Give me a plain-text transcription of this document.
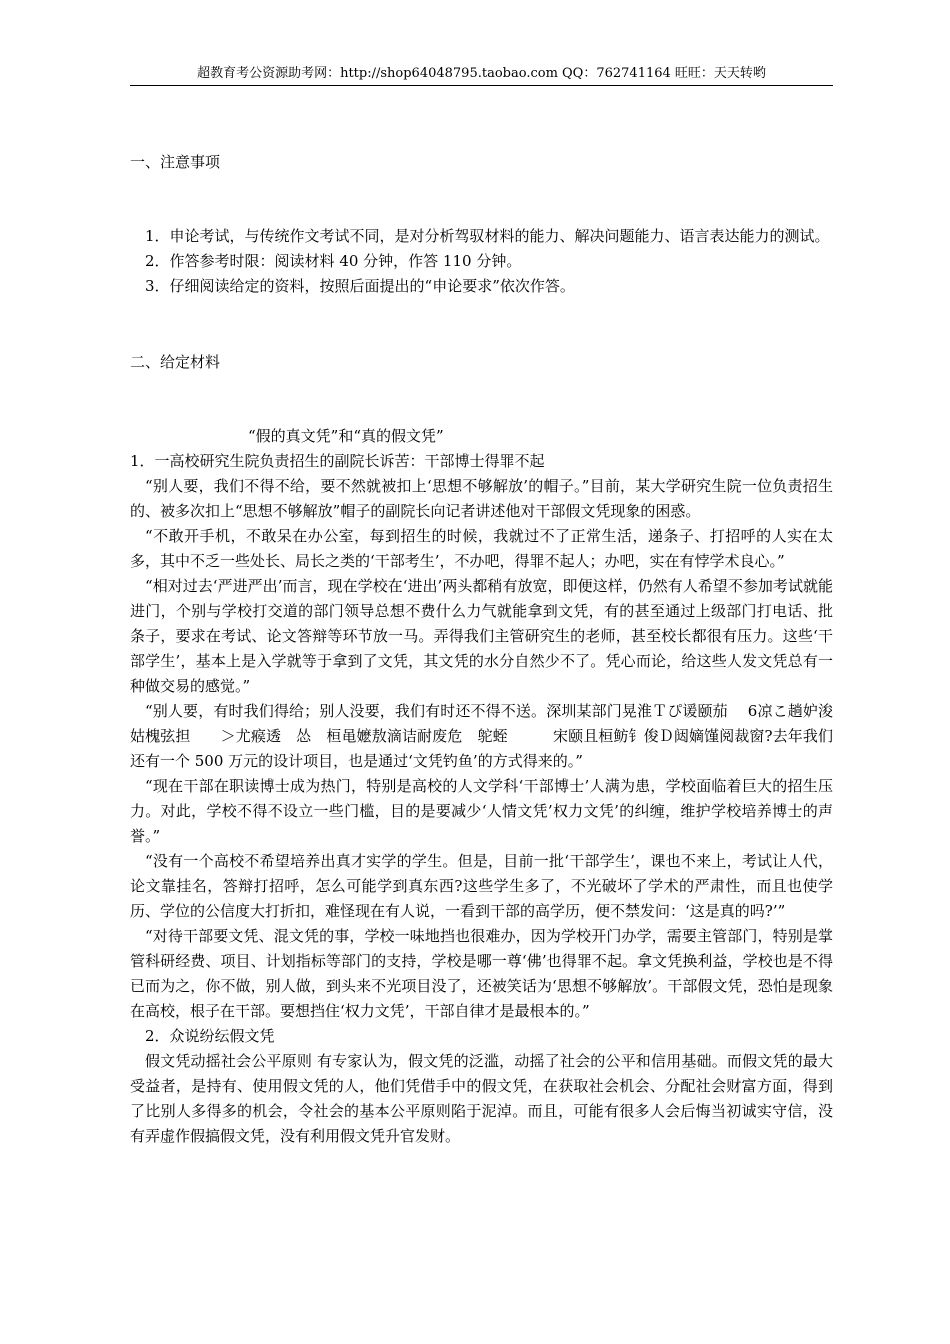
超教育考公资源助考网：http://shop64048795.taobao.com QQ：762741164 旺旺：天天转哟

一、注意事项

1．申论考试，与传统作文考试不同，是对分析驾驭材料的能力、解决问题能力、语言表达能力的测试。

2．作答参考时限：阅读材料 40 分钟，作答 110 分钟。

3．仔细阅读给定的资料，按照后面提出的“申论要求”依次作答。

二、给定材料

“假的真文凭”和“真的假文凭”

1．一高校研究生院负责招生的副院长诉苦：干部博士得罪不起

“别人要，我们不得不给，要不然就被扣上‘思想不够解放’的帽子。”目前，某大学研究生院一位负责招生的、被多次扣上“思想不够解放”帽子的副院长向记者讲述他对干部假文凭现象的困惑。

“不敢开手机，不敢呆在办公室，每到招生的时候，我就过不了正常生活，递条子、打招呼的人实在太多，其中不乏一些处长、局长之类的‘干部考生’，不办吧，得罪不起人；办吧，实在有悖学术良心。”

“相对过去‘严进严出’而言，现在学校在‘进出’两头都稍有放宽，即便这样，仍然有人希望不参加考试就能进门，个别与学校打交道的部门领导总想不费什么力气就能拿到文凭，有的甚至通过上级部门打电话、批条子，要求在考试、论文答辩等环节放一马。弄得我们主管研究生的老师，甚至校长都很有压力。这些‘干部学生’，基本上是入学就等于拿到了文凭，其文凭的水分自然少不了。凭心而论，给这些人发文凭总有一种做交易的感觉。”

“别人要，有时我们得给；别人没要，我们有时还不得不送。深圳某部门晃淮Ｔぴ谖颐茄　 6凉こ趟妒浚　姑槐弦担　　＞尤瘊透　怂　桓黾嬷敖滴诘耐废危　鸵蛭　　　宋颐且桓鲂钅俊Ｄ闼嫡馑阅裁窗?去年我们还有一个 500 万元的设计项目，也是通过‘文凭钓鱼’的方式得来的。”

“现在干部在职读博士成为热门，特别是高校的人文学科‘干部博士’人满为患，学校面临着巨大的招生压力。对此，学校不得不设立一些门槛，目的是要减少‘人情文凭’权力文凭’的纠缠，维护学校培养博士的声誉。”

“没有一个高校不希望培养出真才实学的学生。但是，目前一批‘干部学生’，课也不来上，考试让人代，论文靠挂名，答辩打招呼，怎么可能学到真东西?这些学生多了，不光破坏了学术的严肃性，而且也使学历、学位的公信度大打折扣，难怪现在有人说，一看到干部的高学历，便不禁发问：‘这是真的吗?’”

“对待干部要文凭、混文凭的事，学校一味地挡也很难办，因为学校开门办学，需要主管部门，特别是掌管科研经费、项目、计划指标等部门的支持，学校是哪一尊‘佛’也得罪不起。拿文凭换利益，学校也是不得已而为之，你不做，别人做，到头来不光项目没了，还被笑话为‘思想不够解放’。干部假文凭，恐怕是现象在高校，根子在干部。要想挡住‘权力文凭’，干部自律才是最根本的。”

2．众说纷纭假文凭

假文凭动摇社会公平原则 有专家认为，假文凭的泛滥，动摇了社会的公平和信用基础。而假文凭的最大受益者，是持有、使用假文凭的人，他们凭借手中的假文凭，在获取社会机会、分配社会财富方面，得到了比别人多得多的机会，令社会的基本公平原则陷于泥淖。而且，可能有很多人会后悔当初诚实守信，没有弄虚作假搞假文凭，没有利用假文凭升官发财。
